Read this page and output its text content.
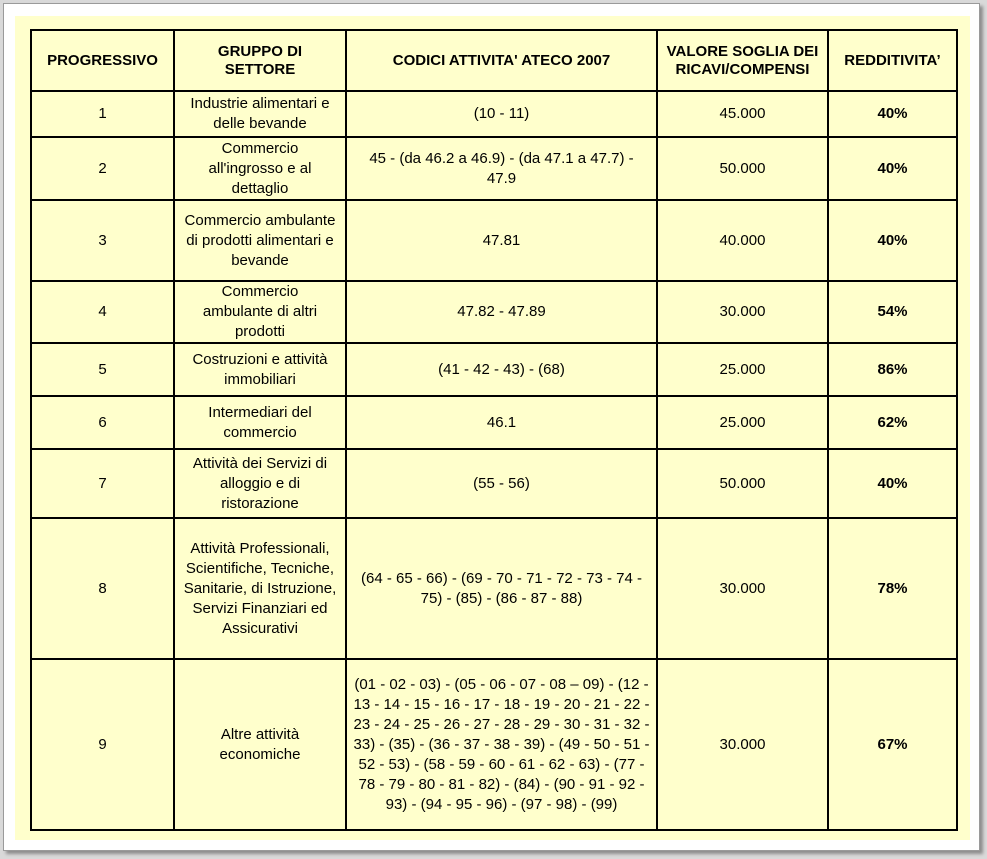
PROGRESSIVO	GRUPPO DI SETTORE	CODICI ATTIVITA' ATECO 2007	VALORE SOGLIA DEI RICAVI/COMPENSI	REDDITIVITA’
1	Industrie alimentari e delle bevande	(10 - 11)	45.000	40%
2	Commercio all'ingrosso e al dettaglio	45 - (da 46.2 a 46.9) - (da 47.1 a 47.7) - 47.9	50.000	40%
3	Commercio ambulante di prodotti alimentari e bevande	47.81	40.000	40%
4	Commercio ambulante di altri prodotti	47.82 - 47.89	30.000	54%
5	Costruzioni e attività immobiliari	(41 - 42 - 43) - (68)	25.000	86%
6	Intermediari del commercio	46.1	25.000	62%
7	Attività dei Servizi di alloggio e di ristorazione	(55 - 56)	50.000	40%
8	Attività Professionali, Scientifiche, Tecniche, Sanitarie, di Istruzione, Servizi Finanziari ed Assicurativi	(64 - 65 - 66) - (69 - 70 - 71 - 72 - 73 - 74 - 75) - (85) - (86 - 87 - 88)	30.000	78%
9	Altre attività economiche	(01 - 02 - 03) - (05 - 06 - 07 - 08 – 09) - (12 - 13 - 14 - 15 - 16 - 17 - 18 - 19 - 20 - 21 - 22 - 23 - 24 - 25 - 26 - 27 - 28 - 29 - 30 - 31 - 32 - 33) - (35) - (36 - 37 - 38 - 39) - (49 - 50 - 51 - 52 - 53) - (58 - 59 - 60 - 61 - 62 - 63) - (77 - 78 - 79 - 80 - 81 - 82) - (84) - (90 - 91 - 92 - 93) - (94 - 95 - 96) - (97 - 98) - (99)	30.000	67%
